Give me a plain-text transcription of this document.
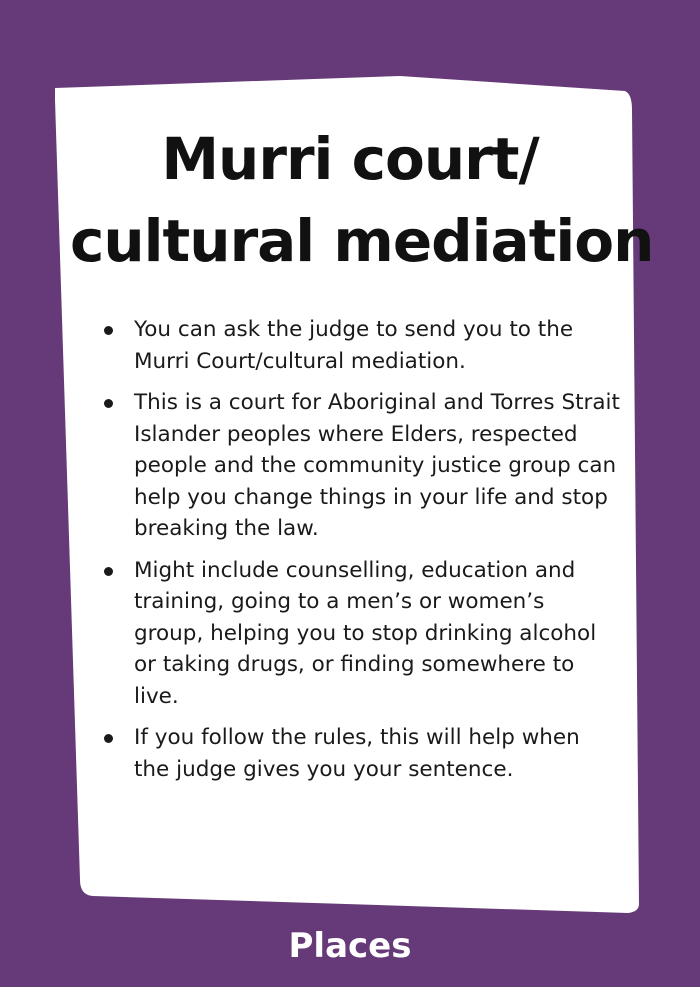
Murri court/
cultural mediation
You can ask the judge to send you to the Murri Court/cultural mediation.
This is a court for Aboriginal and Torres Strait Islander peoples where Elders, respected people and the community justice group can help you change things in your life and stop breaking the law.
Might include counselling, education and training, going to a men’s or women’s group, helping you to stop drinking alcohol or taking drugs, or finding somewhere to live.
If you follow the rules, this will help when the judge gives you your sentence.
Places
